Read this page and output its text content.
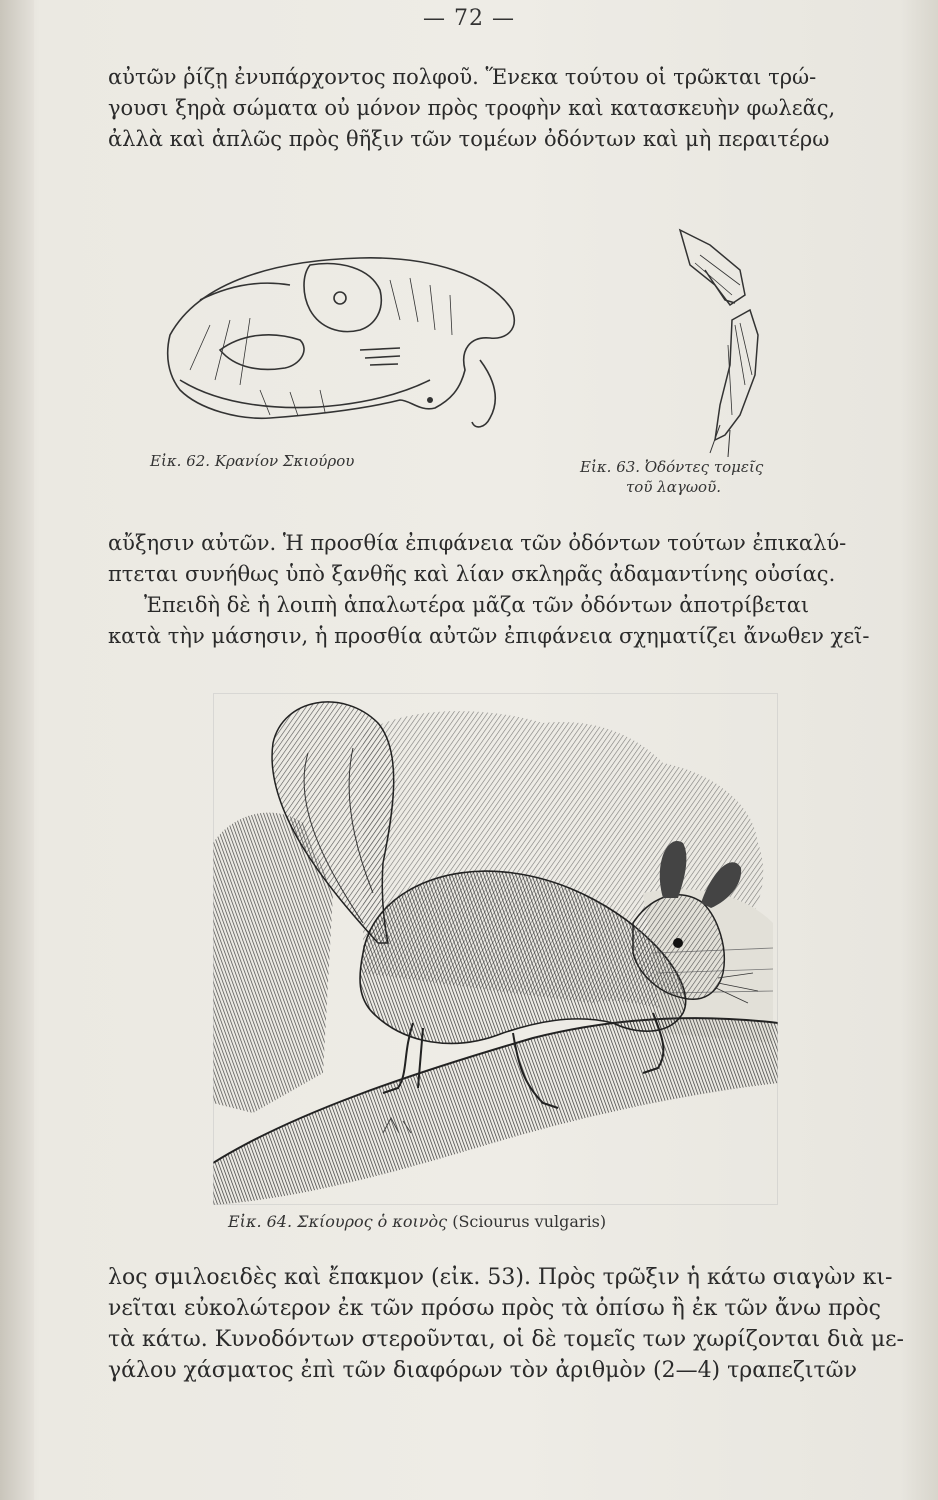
— 72 —
αὐτῶν ῥίζῃ ἐνυπάρχοντος πολφοῦ. Ἕνεκα τούτου οἱ τρῶκται τρώ-
γουσι ξηρὰ σώματα οὐ μόνον πρὸς τροφὴν καὶ κατασκευὴν φωλεᾶς,
ἀλλὰ καὶ ἁπλῶς πρὸς θῆξιν τῶν τομέων ὀδόντων καὶ μὴ περαιτέρω
Εἰκ. 62. Κρανίον Σκιούρου	Εἰκ. 63. Ὀδόντες τομεῖς
τοῦ λαγωοῦ.
αὔξησιν αὐτῶν. Ἡ προσθία ἐπιφάνεια τῶν ὀδόντων τούτων ἐπικαλύ-
πτεται συνήθως ὑπὸ ξανθῆς καὶ λίαν σκληρᾶς ἀδαμαντίνης οὐσίας.
Ἐπειδὴ δὲ ἡ λοιπὴ ἁπαλωτέρα μᾶζα τῶν ὀδόντων ἀποτρίβεται
κατὰ τὴν μάσησιν, ἡ προσθία αὐτῶν ἐπιφάνεια σχηματίζει ἄνωθεν χεῖ-
Εἰκ. 64. Σκίουρος ὁ κοινὸς (Sciourus vulgaris)
λος σμιλοειδὲς καὶ ἔπακμον (εἰκ. 53). Πρὸς τρῶξιν ἡ κάτω σιαγὼν κι-
νεῖται εὐκολώτερον ἐκ τῶν πρόσω πρὸς τὰ ὀπίσω ἢ ἐκ τῶν ἄνω πρὸς
τὰ κάτω. Κυνοδόντων στεροῦνται, οἱ δὲ τομεῖς των χωρίζονται διὰ με-
γάλου χάσματος ἐπὶ τῶν διαφόρων τὸν ἀριθμὸν (2—4) τραπεζιτῶν
